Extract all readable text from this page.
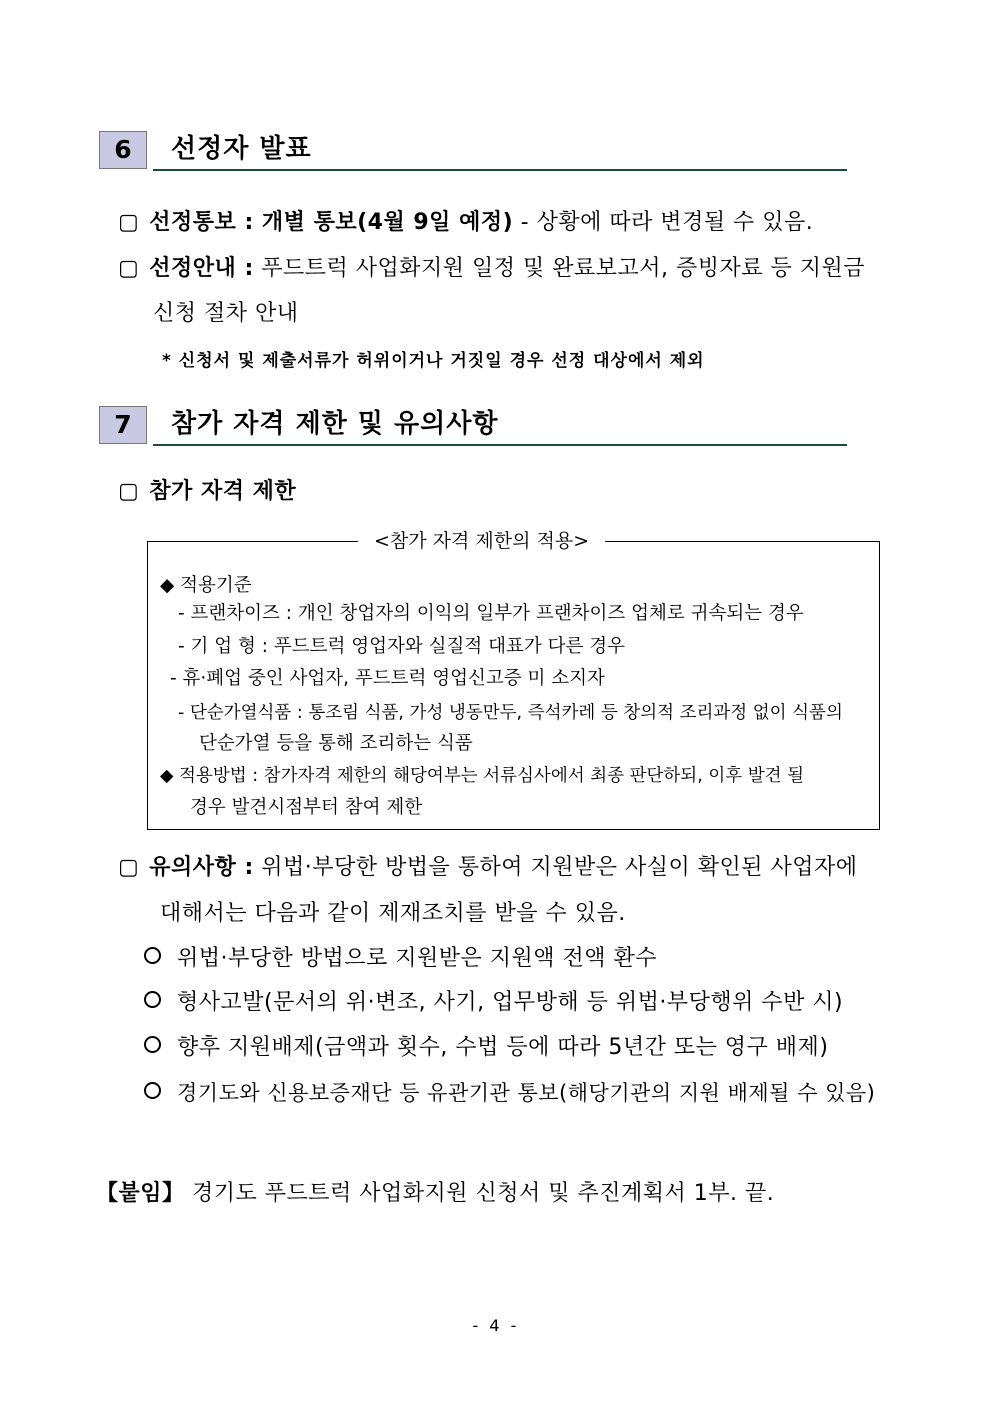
6	선정자 발표
▢ 선정통보 : 개별 통보(4월 9일 예정) - 상황에 따라 변경될 수 있음.
▢ 선정안내 : 푸드트럭 사업화지원 일정 및 완료보고서, 증빙자료 등 지원금
신청 절차 안내
* 신청서 및 제출서류가 허위이거나 거짓일 경우 선정 대상에서 제외
7	참가 자격 제한 및 유의사항
▢ 참가 자격 제한
<참가 자격 제한의 적용>
◆ 적용기준
- 프랜차이즈 : 개인 창업자의 이익의 일부가 프랜차이즈 업체로 귀속되는 경우
- 기 업 형 : 푸드트럭 영업자와 실질적 대표가 다른 경우
- 휴·폐업 중인 사업자, 푸드트럭 영업신고증 미 소지자
- 단순가열식품 : 통조림 식품, 가성 냉동만두, 즉석카레 등 창의적 조리과정 없이 식품의
단순가열 등을 통해 조리하는 식품
◆ 적용방법 : 참가자격 제한의 해당여부는 서류심사에서 최종 판단하되, 이후 발견 될
경우 발견시점부터 참여 제한
▢ 유의사항 : 위법·부당한 방법을 통하여 지원받은 사실이 확인된 사업자에
대해서는 다음과 같이 제재조치를 받을 수 있음.
위법·부당한 방법으로 지원받은 지원액 전액 환수
형사고발(문서의 위·변조, 사기, 업무방해 등 위법·부당행위 수반 시)
향후 지원배제(금액과 횟수, 수법 등에 따라 5년간 또는 영구 배제)
경기도와 신용보증재단 등 유관기관 통보(해당기관의 지원 배제될 수 있음)
【붙임】 경기도 푸드트럭 사업화지원 신청서 및 추진계획서 1부. 끝.
- 4 -
